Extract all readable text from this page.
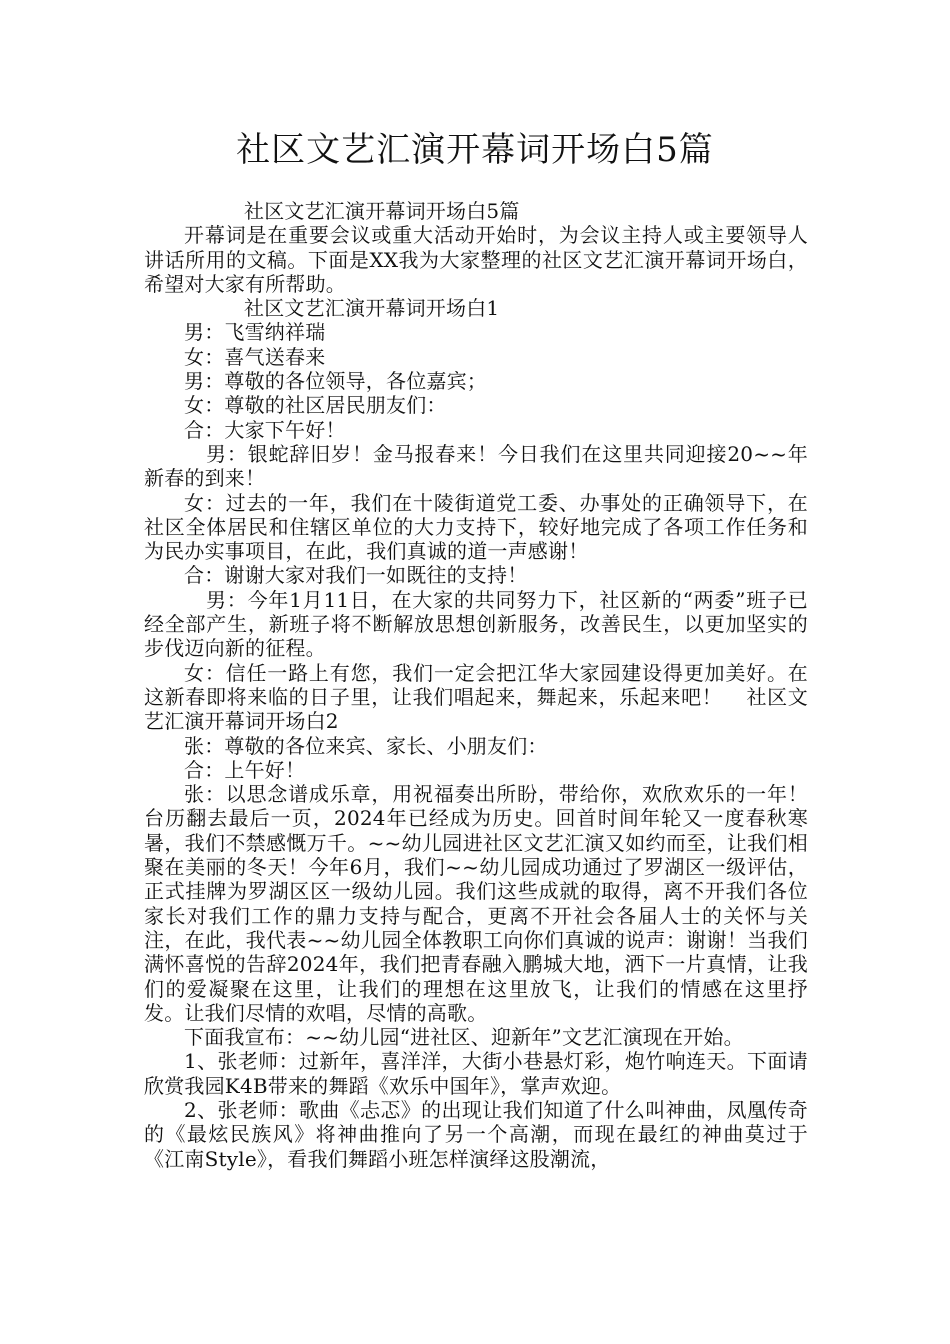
社区文艺汇演开幕词开场白5篇

社区文艺汇演开幕词开场白5篇

开幕词是在重要会议或重大活动开始时，为会议主持人或主要领导人讲话所用的文稿。下面是XX我为大家整理的社区文艺汇演开幕词开场白，希望对大家有所帮助。

社区文艺汇演开幕词开场白1

男：飞雪纳祥瑞

女：喜气送春来

男：尊敬的各位领导，各位嘉宾；

女：尊敬的社区居民朋友们：

合：大家下午好！

男：银蛇辞旧岁！金马报春来！今日我们在这里共同迎接20~~年新春的到来！

女：过去的一年，我们在十陵街道党工委、办事处的正确领导下，在社区全体居民和住辖区单位的大力支持下，较好地完成了各项工作任务和为民办实事项目，在此，我们真诚的道一声感谢！

合：谢谢大家对我们一如既往的支持！

男：今年1月11日，在大家的共同努力下，社区新的“两委”班子已经全部产生，新班子将不断解放思想创新服务，改善民生，以更加坚实的步伐迈向新的征程。

女：信任一路上有您，我们一定会把江华大家园建设得更加美好。在这新春即将来临的日子里，让我们唱起来，舞起来，乐起来吧！ 社区文艺汇演开幕词开场白2

张：尊敬的各位来宾、家长、小朋友们：

合：上午好！

张：以思念谱成乐章，用祝福奏出所盼，带给你，欢欣欢乐的一年！台历翻去最后一页，2024年已经成为历史。回首时间年轮又一度春秋寒暑，我们不禁感慨万千。~~幼儿园进社区文艺汇演又如约而至，让我们相聚在美丽的冬天！今年6月，我们~~幼儿园成功通过了罗湖区一级评估，正式挂牌为罗湖区区一级幼儿园。我们这些成就的取得，离不开我们各位家长对我们工作的鼎力支持与配合，更离不开社会各届人士的关怀与关注，在此，我代表~~幼儿园全体教职工向你们真诚的说声：谢谢！当我们满怀喜悦的告辞2024年，我们把青春融入鹏城大地，洒下一片真情，让我们的爱凝聚在这里，让我们的理想在这里放飞，让我们的情感在这里抒发。让我们尽情的欢唱，尽情的高歌。

下面我宣布：~~幼儿园“进社区、迎新年”文艺汇演现在开始。

1、张老师：过新年，喜洋洋，大街小巷悬灯彩，炮竹响连天。下面请欣赏我园K4B带来的舞蹈《欢乐中国年》，掌声欢迎。

2、张老师：歌曲《忐忑》的出现让我们知道了什么叫神曲，凤凰传奇的《最炫民族风》将神曲推向了另一个高潮，而现在最红的神曲莫过于《江南Style》，看我们舞蹈小班怎样演绎这股潮流，
